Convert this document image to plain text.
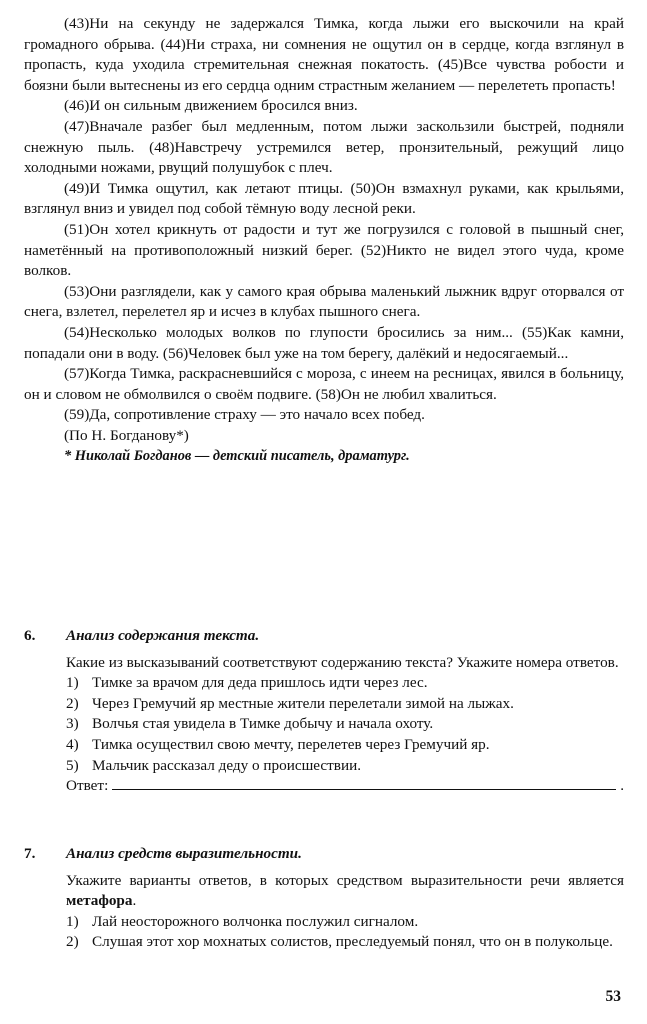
(43)Ни на секунду не задержался Тимка, когда лыжи его выскочили на край громадного обрыва. (44)Ни страха, ни сомнения не ощутил он в сердце, когда взглянул в пропасть, куда уходила стремительная снежная покатость. (45)Все чувства робости и боязни были вытеснены из его сердца одним страстным желанием — перелететь пропасть!

(46)И он сильным движением бросился вниз.

(47)Вначале разбег был медленным, потом лыжи заскользили быстрей, подняли снежную пыль. (48)Навстречу устремился ветер, пронзительный, режущий лицо холодными ножами, рвущий полушубок с плеч.

(49)И Тимка ощутил, как летают птицы. (50)Он взмахнул руками, как крыльями, взглянул вниз и увидел под собой тёмную воду лесной реки.

(51)Он хотел крикнуть от радости и тут же погрузился с головой в пышный снег, наметённый на противоположный низкий берег. (52)Никто не видел этого чуда, кроме волков.

(53)Они разглядели, как у самого края обрыва маленький лыжник вдруг оторвался от снега, взлетел, перелетел яр и исчез в клубах пышного снега.

(54)Несколько молодых волков по глупости бросились за ним... (55)Как камни, попадали они в воду. (56)Человек был уже на том берегу, далёкий и недосягаемый...

(57)Когда Тимка, раскрасневшийся с мороза, с инеем на ресницах, явился в больницу, он и словом не обмолвился о своём подвиге. (58)Он не любил хвалиться.

(59)Да, сопротивление страху — это начало всех побед.

(По Н. Богданову*)

* Николай Богданов — детский писатель, драматург.

6.	Анализ содержания текста.

Какие из высказываний соответствуют содержанию текста? Укажите номера ответов.

1) Тимке за врачом для деда пришлось идти через лес.
2) Через Гремучий яр местные жители перелетали зимой на лыжах.
3) Волчья стая увидела в Тимке добычу и начала охоту.
4) Тимка осуществил свою мечту, перелетев через Гремучий яр.
5) Мальчик рассказал деду о происшествии.
Ответ:	.
7.	Анализ средств выразительности.

Укажите варианты ответов, в которых средством выразительности речи является метафора.

1) Лай неосторожного волчонка послужил сигналом.
2) Слушая этот хор мохнатых солистов, преследуемый понял, что он в полукольце.
53
